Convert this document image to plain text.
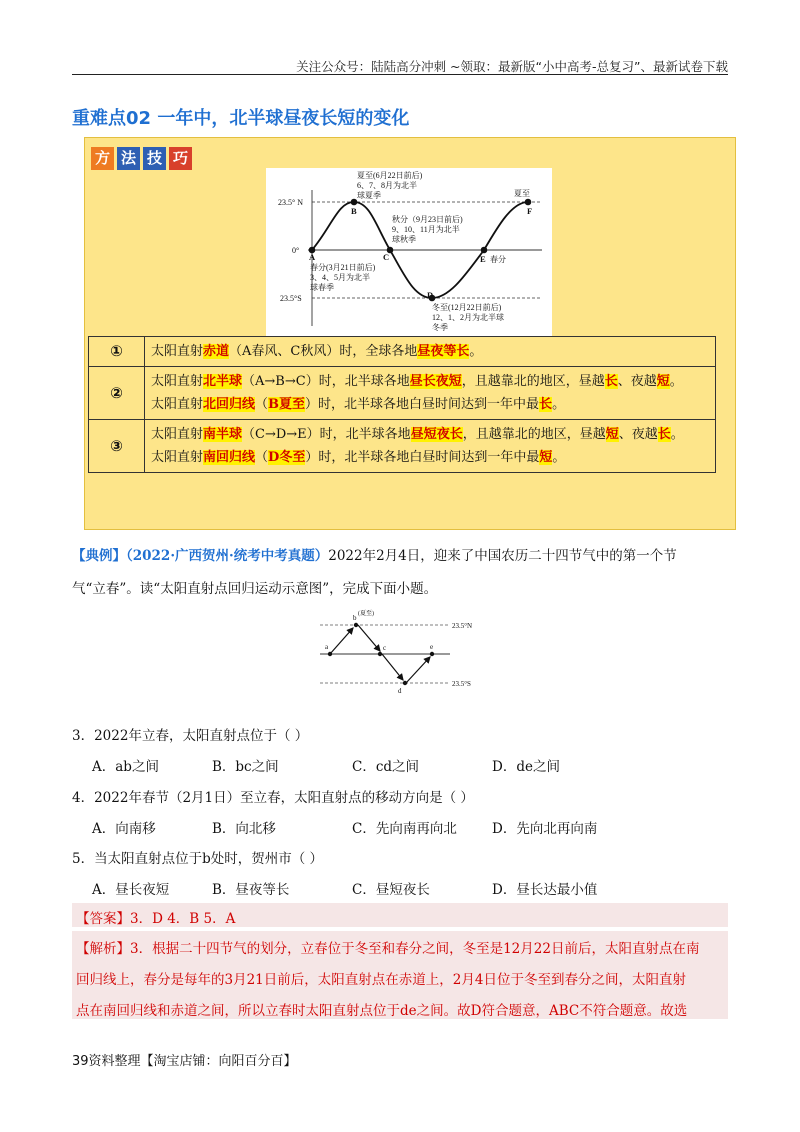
关注公众号：陆陆高分冲刺 ~领取：最新版“小中高考-总复习”、最新试卷下载
重难点02 一年中，北半球昼夜长短的变化
方 法 技 巧
23.5° N
0°
23.5°S
A
B
C
D
E
F
夏至(6月22日前后)
6、7、8月为北半
球夏季
秋分（9月23日前后)
9、10、11月为北半
球秋季
春分(3月21日前后)
3、4、5月为北半
球春季
冬至(12月22日前后)
12、1、2月为北半球
冬季
春分
夏至
①	太阳直射赤道（A春风、C秋风）时，全球各地昼夜等长。
②	太阳直射北半球（A→B→C）时，北半球各地昼长夜短，且越靠北的地区，昼越长、夜越短。
太阳直射北回归线（B夏至）时，北半球各地白昼时间达到一年中最长。

③	太阳直射南半球（C→D→E）时，北半球各地昼短夜长，且越靠北的地区，昼越短、夜越长。
太阳直射南回归线（D冬至）时，北半球各地白昼时间达到一年中最短。
【典例】（2022·广西贺州·统考中考真题）2022年2月4日，迎来了中国农历二十四节气中的第一个节
气“立春”。读“太阳直射点回归运动示意图”，完成下面小题。
a
b (夏至)
c
d
e
23.5°N
23.5°S
3．2022年立春，太阳直射点位于（ ）
A．ab之间	B．bc之间	C．cd之间	D．de之间
4．2022年春节（2月1日）至立春，太阳直射点的移动方向是（ ）
A．向南移	B．向北移	C．先向南再向北	D．先向北再向南
5．当太阳直射点位于b处时，贺州市（ ）
A．昼长夜短	B．昼夜等长	C．昼短夜长	D．昼长达最小值
【答案】3．D 4．B 5．A
【解析】3．根据二十四节气的划分，立春位于冬至和春分之间，冬至是12月22日前后，太阳直射点在南
回归线上，春分是每年的3月21日前后，太阳直射点在赤道上，2月4日位于冬至到春分之间，太阳直射
点在南回归线和赤道之间，所以立春时太阳直射点位于de之间。故D符合题意，ABC不符合题意。故选
39资料整理【淘宝店铺：向阳百分百】
